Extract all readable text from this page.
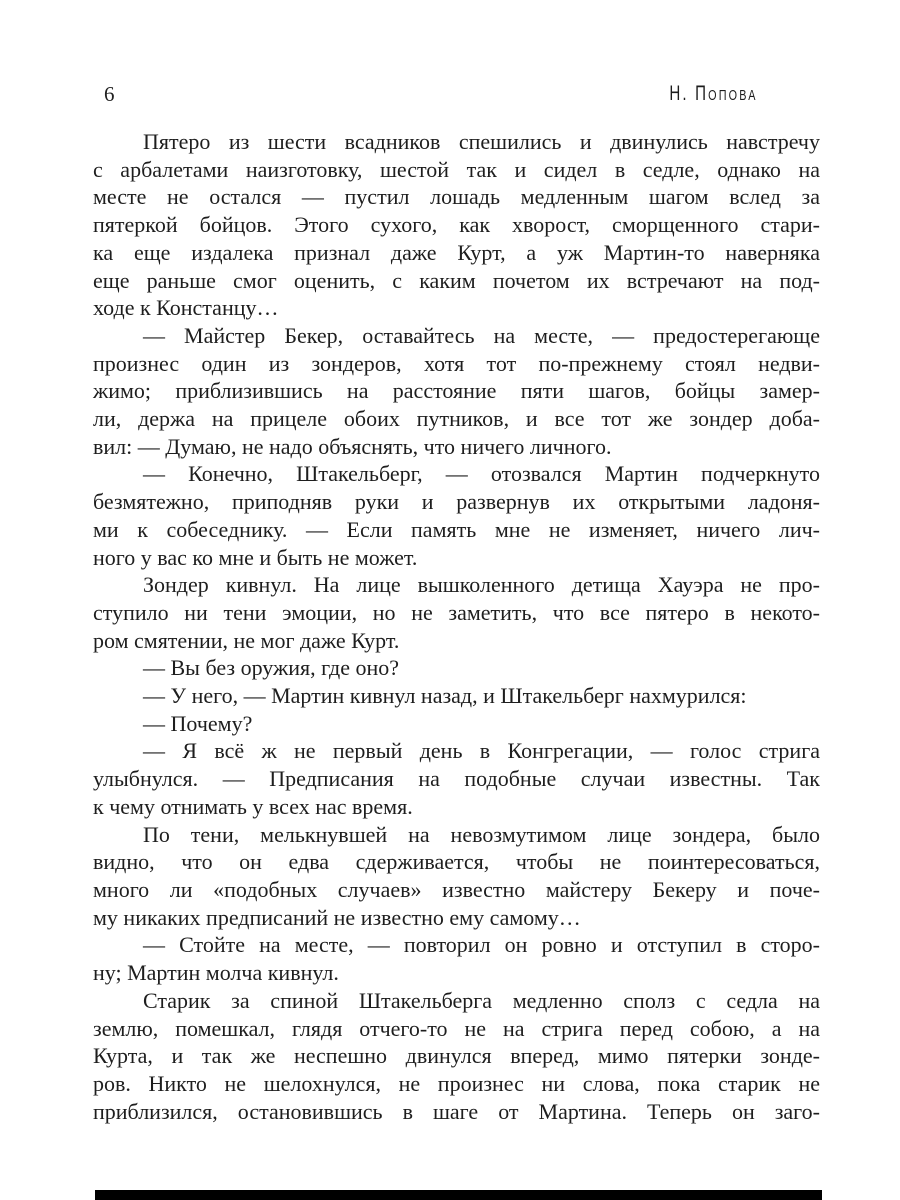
6	Н. Попова

Пятеро из шести всадников спешились и двинулись навстречу
с арбалетами наизготовку, шестой так и сидел в седле, однако на
месте не остался — пустил лошадь медленным шагом вслед за
пятеркой бойцов. Этого сухого, как хворост, сморщенного стари-
ка еще издалека признал даже Курт, а уж Мартин-то наверняка
еще раньше смог оценить, с каким почетом их встречают на под-
ходе к Констанцу…

— Майстер Бекер, оставайтесь на месте, — предостерегающе
произнес один из зондеров, хотя тот по-прежнему стоял недви-
жимо; приблизившись на расстояние пяти шагов, бойцы замер-
ли, держа на прицеле обоих путников, и все тот же зондер доба-
вил: — Думаю, не надо объяснять, что ничего личного.

— Конечно, Штакельберг, — отозвался Мартин подчеркнуто
безмятежно, приподняв руки и развернув их открытыми ладоня-
ми к собеседнику. — Если память мне не изменяет, ничего лич-
ного у вас ко мне и быть не может.

Зондер кивнул. На лице вышколенного детища Хауэра не про-
ступило ни тени эмоции, но не заметить, что все пятеро в некото-
ром смятении, не мог даже Курт.

— Вы без оружия, где оно?

— У него, — Мартин кивнул назад, и Штакельберг нахмурился:

— Почему?

— Я всё ж не первый день в Конгрегации, — голос стрига
улыбнулся. — Предписания на подобные случаи известны. Так
к чему отнимать у всех нас время.

По тени, мелькнувшей на невозмутимом лице зондера, было
видно, что он едва сдерживается, чтобы не поинтересоваться,
много ли «подобных случаев» известно майстеру Бекеру и поче-
му никаких предписаний не известно ему самому…

— Стойте на месте, — повторил он ровно и отступил в сторо-
ну; Мартин молча кивнул.

Старик за спиной Штакельберга медленно сполз с седла на
землю, помешкал, глядя отчего-то не на стрига перед собою, а на
Курта, и так же неспешно двинулся вперед, мимо пятерки зонде-
ров. Никто не шелохнулся, не произнес ни слова, пока старик не
приблизился, остановившись в шаге от Мартина. Теперь он заго-
